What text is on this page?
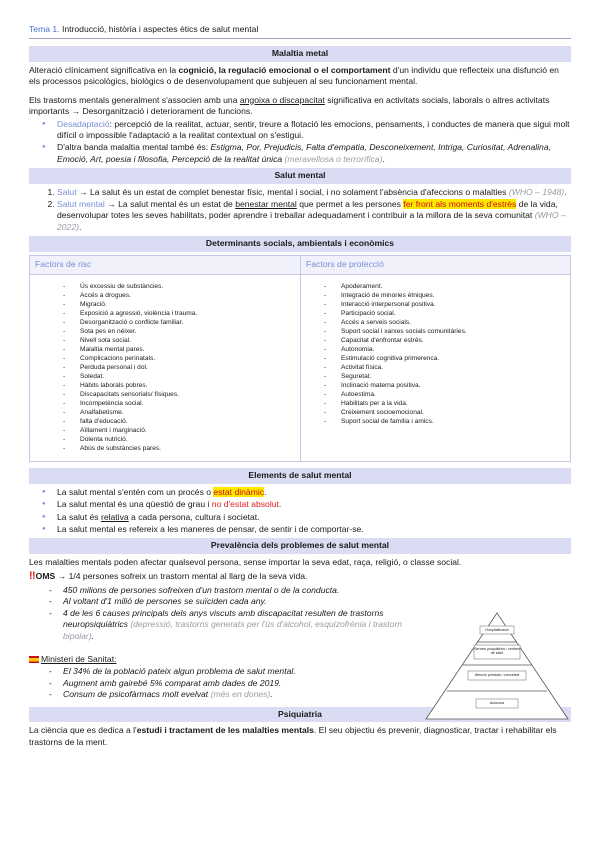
Tema 1. Introducció, història i aspectes ètics de salut mental
Malaltia metal

Alteració clínicament significativa en la cognició, la regulació emocional o el comportament d'un individu que reflecteix una disfunció en els processos psicològics, biològics o de desenvolupament que subjeuen al seu funcionament mental.

Els trastorns mentals generalment s'associen amb una angoixa o discapacitat significativa en activitats socials, laborals o altres activitats importants → Desorganització i deteriorament de funcions.

● Desadaptació: percepció de la realitat, actuar, sentir, treure a flotació les emocions, pensaments, i conductes de manera que sigui molt difícil o impossible l'adaptació a la realitat contextual on s'estigui.
● D'altra banda malaltia mental també és: Estigma, Por, Prejudicis, Falta d'empatia, Desconeixement, Intriga, Curiositat, Adrenalina, Emoció, Art, poesia i filosofia, Percepció de la realitat única (meravellosa o terrorífica).
Salut mental
1. Salut → La salut és un estat de complet benestar físic, mental i social, i no solament l'absència d'afeccions o malalties (WHO – 1948).
2. Salut mental → La salut mental és un estat de benestar mental que permet a les persones fer front als moments d'estrès de la vida, desenvolupar totes les seves habilitats, poder aprendre i treballar adequadament i contribuir a la millora de la seva comunitat (WHO – 2022).
Determinants socials, ambientals i econòmics
Factors de risc
- Ús excessiu de substàncies.
- Accés a drogues.
- Migració.
- Exposició a agressió, violència i trauma.
- Desorganització o conflicte familiar.
- Sota pes en néixer.
- Nivell sota social.
- Malaltia mental pares.
- Complicacions perinatals.
- Perduda personal i dol.
- Soledat.
- Hàbits laborals pobres.
- Discapacitats sensorials/ físiques.
- Incompetència social.
- Analfabetisme.
- falta d'educació.
- Aïllament i marginació.
- Dolenta nutrició.
- Abús de substàncies pares.
Factors de protecció
- Apoderament.
- Integració de minories ètniques.
- Interacció interpersonal positiva.
- Participació social.
- Accés a serveis socials.
- Suport social i xarxes socials comunitàries.
- Capacitat d'enfrontar estrès.
- Autonomia.
- Estimulació cognitiva primerenca.
- Activitat física.
- Seguretat.
- Inclinació materna positiva.
- Autoestima.
- Habilitats per a la vida.
- Creixement socioemocional.
- Suport social de família i amics.
Elements de salut mental
● La salut mental s'entén com un procés o estat dinàmic.
● La salut mental és una qüestió de grau i no d'estat absolut.
● La salut és relativa a cada persona, cultura i societat.
● La salut mental es refereix a les maneres de pensar, de sentir i de comportar-se.
Prevalència dels problemes de salut mental

Les malalties mentals poden afectar qualsevol persona, sense importar la seva edat, raça, religió, o classe social.

‼OMS → 1/4 persones sofreix un trastorn mental al llarg de la seva vida.

- 450 milions de persones sofreixen d'un trastorn mental o de la conducta.
- Al voltant d'1 milió de persones se suïciden cada any.
- 4 de les 6 causes principals dels anys viscuts amb discapacitat resulten de trastorns neuropsiquiàtrics (depressió, trastorns generats per l'ús d'alcohol, esquizofrènia i trastorn bipolar).

Ministeri de Sanitat:

- El 34% de la població pateix algun problema de salut mental.
- Augment amb gairebé 5% comparat amb dades de 2019.
- Consum de psicofàrmacs molt evelvat (més en dones).
Psiquiatria

La ciència que es dedica a l'estudi i tractament de les malalties mentals. El seu objectiu és prevenir, diagnosticar, tractar i rehabilitar els trastorns de la ment.

Hospitalització
Serveis psiquiàtrics / centres de salut
Atenció primària / comunitat
Autocura
